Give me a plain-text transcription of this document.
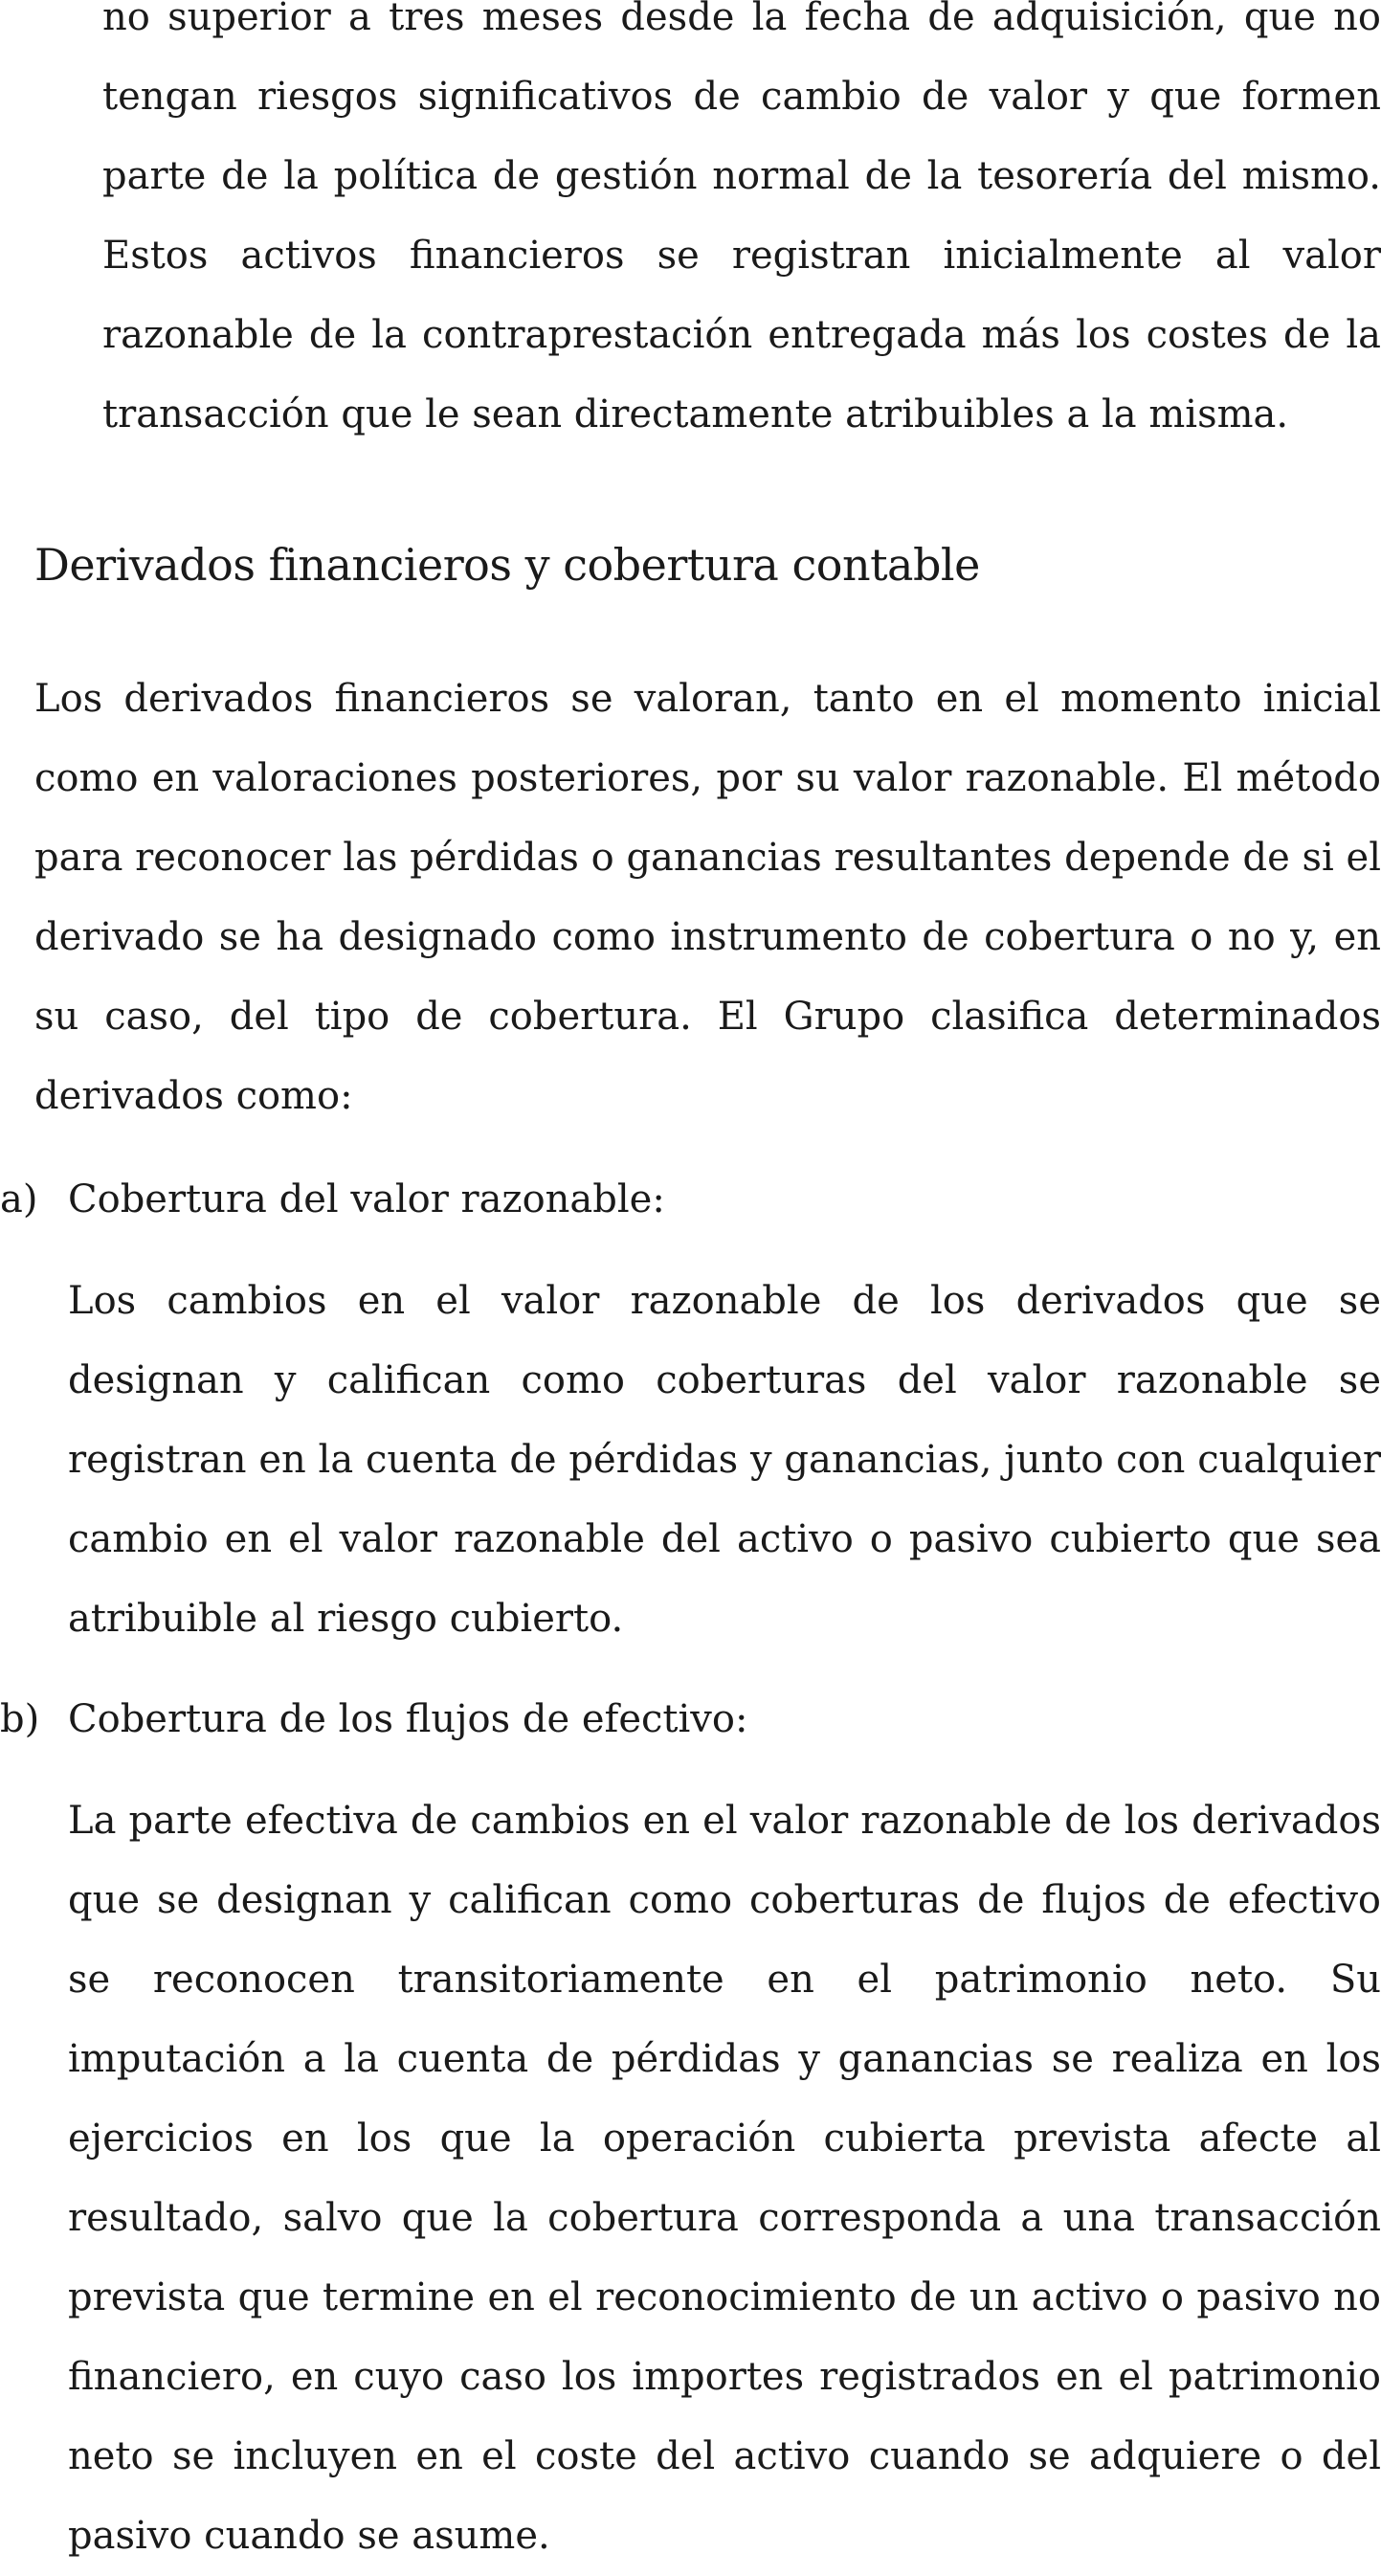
no superior a tres meses desde la fecha de adquisición, que no tengan riesgos significativos de cambio de valor y que formen parte de la política de gestión normal de la tesorería del mismo. Estos activos financieros se registran inicialmente al valor razonable de la contraprestación entregada más los costes de la transacción que le sean directamente atribuibles a la misma.

Derivados financieros y cobertura contable

Los derivados financieros se valoran, tanto en el momento inicial como en valoraciones posteriores, por su valor razonable. El método para reconocer las pérdidas o ganancias resultantes depende de si el derivado se ha designado como instrumento de cobertura o no y, en su caso, del tipo de cobertura. El Grupo clasifica determinados derivados como:

a) Cobertura del valor razonable:

Los cambios en el valor razonable de los derivados que se designan y califican como coberturas del valor razonable se registran en la cuenta de pérdidas y ganancias, junto con cualquier cambio en el valor razonable del activo o pasivo cubierto que sea atribuible al riesgo cubierto.

b) Cobertura de los flujos de efectivo:

La parte efectiva de cambios en el valor razonable de los derivados que se designan y califican como coberturas de flujos de efectivo se reconocen transitoriamente en el patrimonio neto. Su imputación a la cuenta de pérdidas y ganancias se realiza en los ejercicios en los que la operación cubierta prevista afecte al resultado, salvo que la cobertura corresponda a una transacción prevista que termine en el reconocimiento de un activo o pasivo no financiero, en cuyo caso los importes registrados en el patrimonio neto se incluyen en el coste del activo cuando se adquiere o del pasivo cuando se asume.
